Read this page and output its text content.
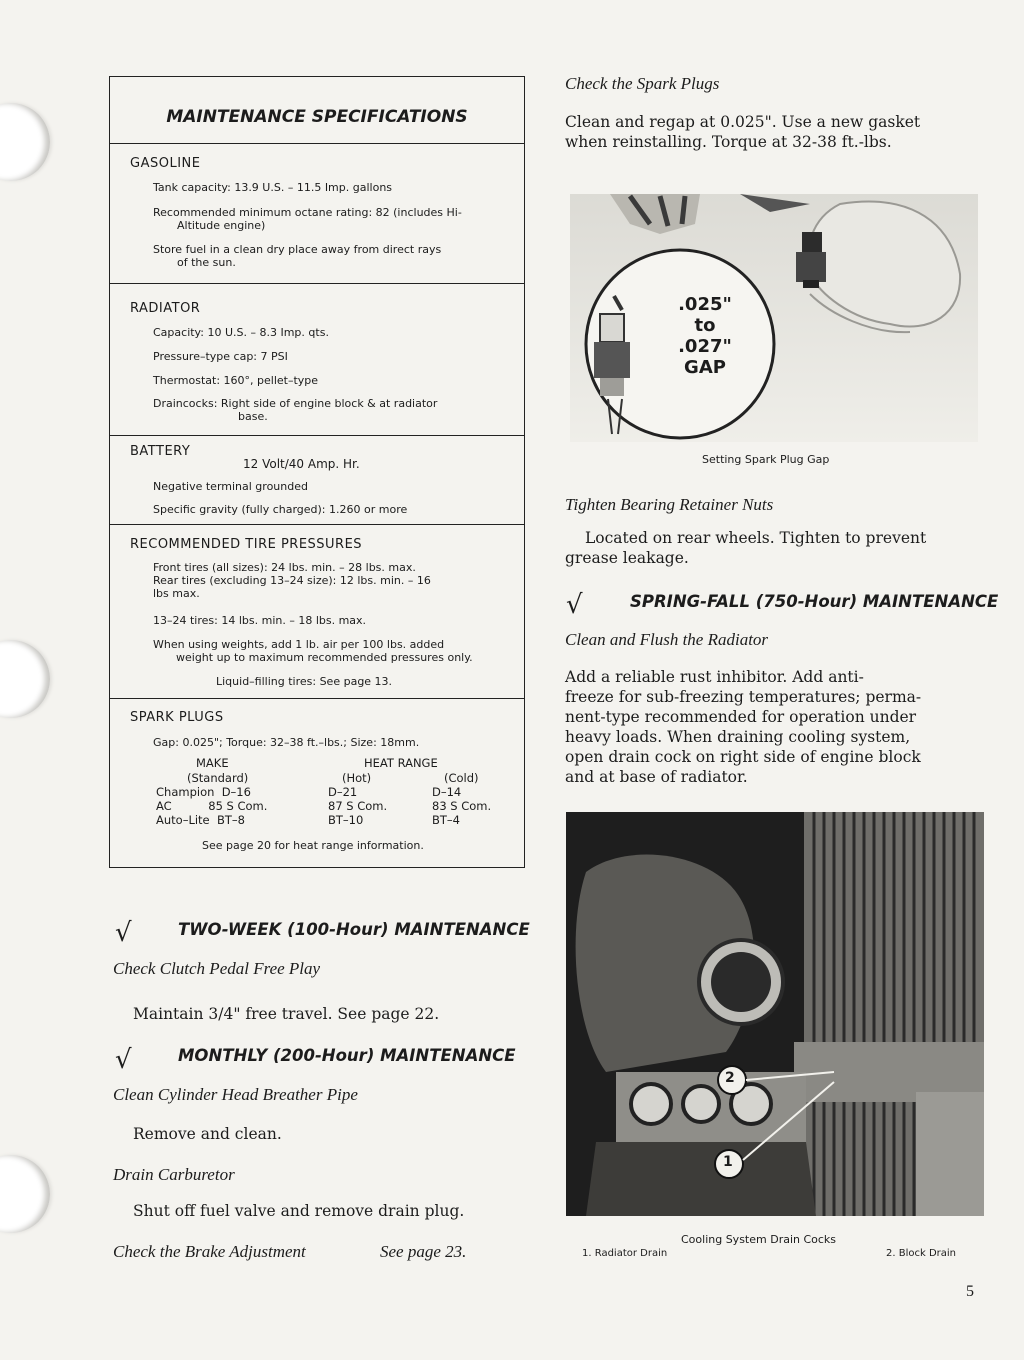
MAINTENANCE SPECIFICATIONS
GASOLINE
Tank capacity: 13.9 U.S. – 11.5 Imp. gallons
Recommended minimum octane rating: 82 (includes Hi-
Altitude engine)
Store fuel in a clean dry place away from direct rays
of the sun.
RADIATOR
Capacity: 10 U.S. – 8.3 Imp. qts.
Pressure–type cap: 7 PSI
Thermostat: 160°, pellet–type
Draincocks: Right side of engine block & at radiator
base.
BATTERY
12 Volt/40 Amp. Hr.
Negative terminal grounded
Specific gravity (fully charged): 1.260 or more
RECOMMENDED TIRE PRESSURES
Front tires (all sizes): 24 lbs. min. – 28 lbs. max.
Rear tires (excluding 13–24 size): 12 lbs. min. – 16
lbs max.
13–24 tires: 14 lbs. min. – 18 lbs. max.
When using weights, add 1 lb. air per 100 lbs. added
weight up to maximum recommended pressures only.
Liquid–filling tires: See page 13.
SPARK PLUGS
Gap: 0.025"; Torque: 32–38 ft.–lbs.; Size: 18mm.
MAKE	HEAT RANGE
(Standard)	(Hot)	(Cold)
Champion  D–16	D–21	D–14
AC          85 S Com.	87 S Com.	83 S Com.
Auto–Lite  BT–8	BT–10	BT–4
See page 20 for heat range information.
√	TWO-WEEK (100-Hour) MAINTENANCE
Check Clutch Pedal Free Play
Maintain 3/4" free travel. See page 22.
√	MONTHLY (200-Hour) MAINTENANCE
Clean Cylinder Head Breather Pipe
Remove and clean.
Drain Carburetor
Shut off fuel valve and remove drain plug.
Check the Brake Adjustment	See page 23.
Check the Spark Plugs
Clean and regap at 0.025". Use a new gasket
when reinstalling. Torque at 32-38 ft.-lbs.
.025"
to
.027"
GAP
Setting Spark Plug Gap
Tighten Bearing Retainer Nuts
Located on rear wheels. Tighten to prevent
grease leakage.
√	SPRING-FALL (750-Hour) MAINTENANCE
Clean and Flush the Radiator
Add a reliable rust inhibitor. Add anti-
freeze for sub-freezing temperatures; perma-
nent-type recommended for operation under
heavy loads. When draining cooling system,
open drain cock on right side of engine block
and at base of radiator.
2
1
Cooling System Drain Cocks
1. Radiator Drain	2. Block Drain
5
